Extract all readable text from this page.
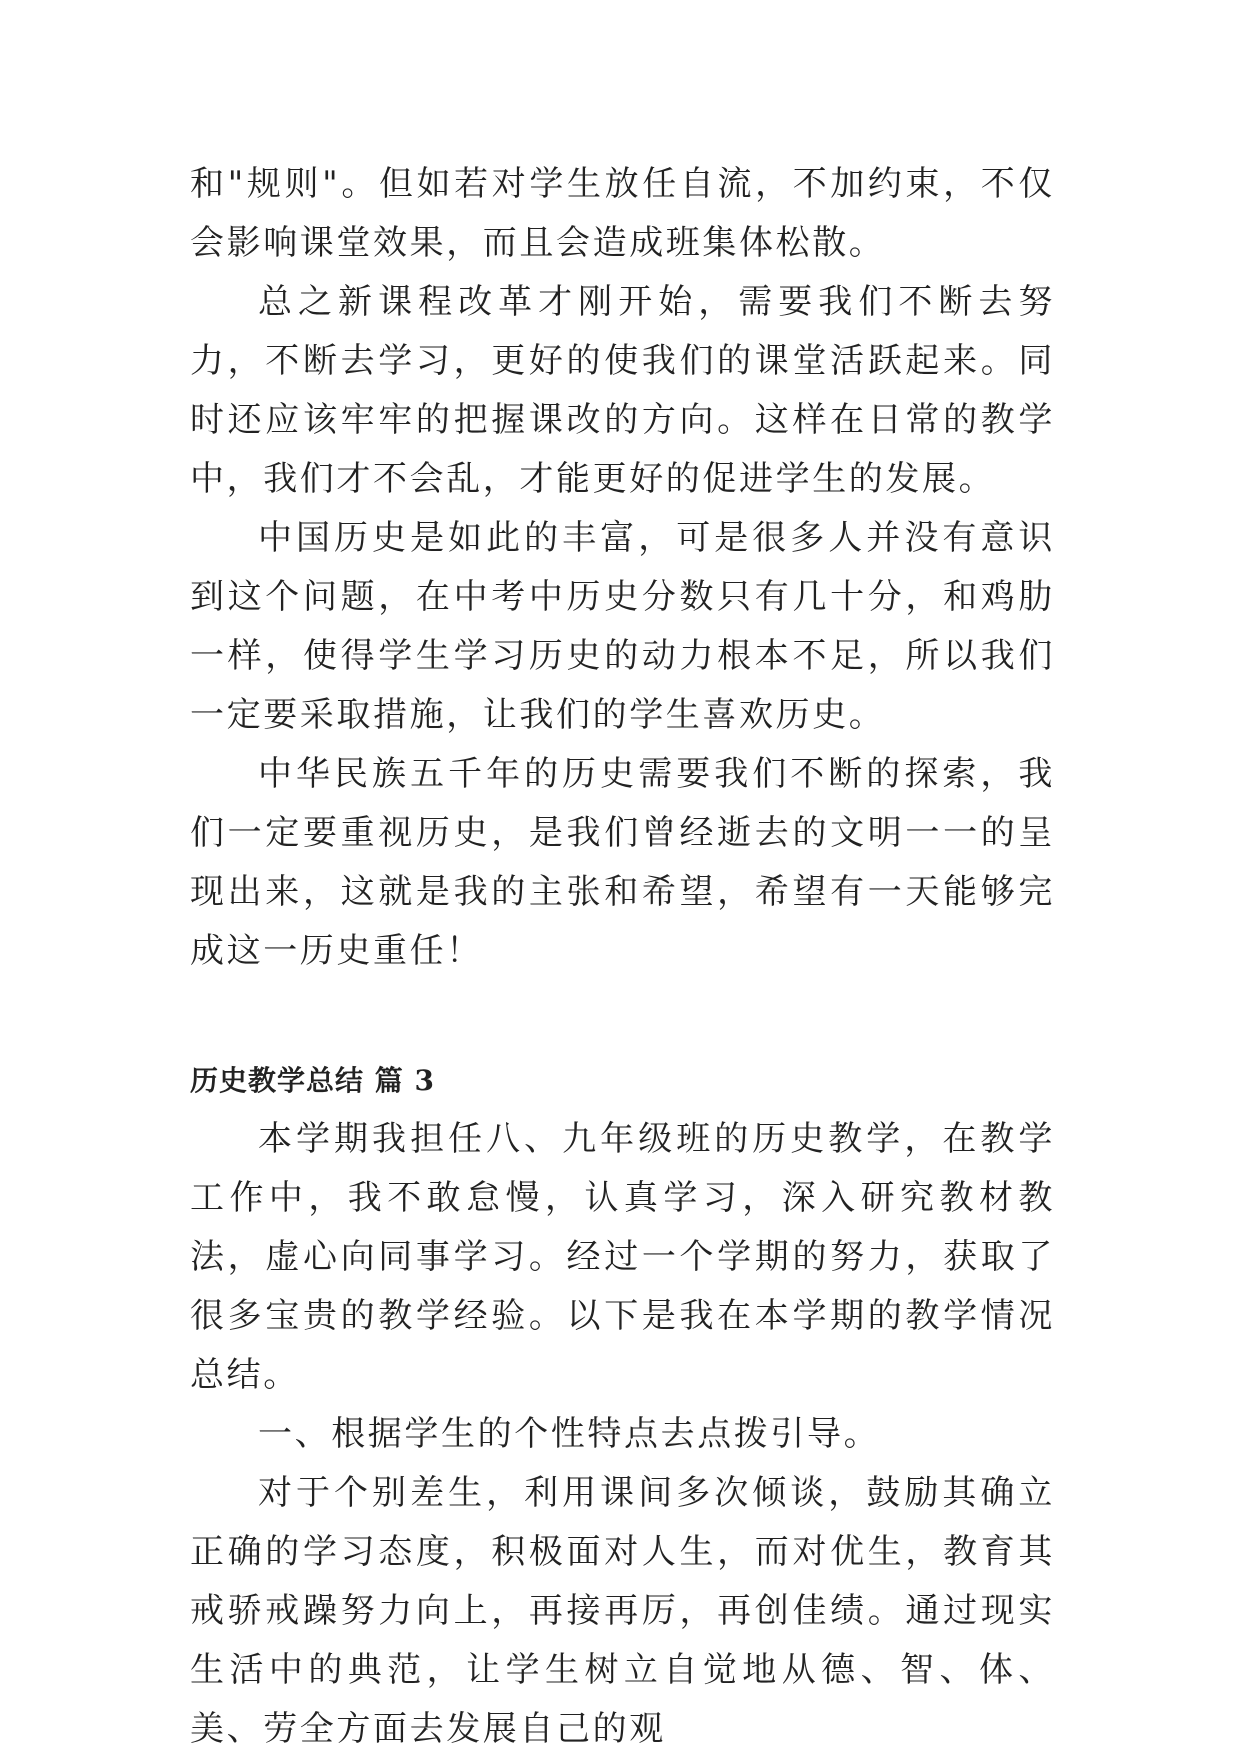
和"规则"。但如若对学生放任自流，不加约束，不仅会影响课堂效果，而且会造成班集体松散。

总之新课程改革才刚开始，需要我们不断去努力，不断去学习，更好的使我们的课堂活跃起来。同时还应该牢牢的把握课改的方向。这样在日常的教学中，我们才不会乱，才能更好的促进学生的发展。

中国历史是如此的丰富，可是很多人并没有意识到这个问题，在中考中历史分数只有几十分，和鸡肋一样，使得学生学习历史的动力根本不足，所以我们一定要采取措施，让我们的学生喜欢历史。

中华民族五千年的历史需要我们不断的探索，我们一定要重视历史，是我们曾经逝去的文明一一的呈现出来，这就是我的主张和希望，希望有一天能够完成这一历史重任！

历史教学总结 篇 3

本学期我担任八、九年级班的历史教学，在教学工作中，我不敢怠慢，认真学习，深入研究教材教法，虚心向同事学习。经过一个学期的努力，获取了很多宝贵的教学经验。以下是我在本学期的教学情况总结。

一、根据学生的个性特点去点拨引导。

对于个别差生，利用课间多次倾谈，鼓励其确立正确的学习态度，积极面对人生，而对优生，教育其戒骄戒躁努力向上，再接再厉，再创佳绩。通过现实生活中的典范，让学生树立自觉地从德、智、体、美、劳全方面去发展自己的观
